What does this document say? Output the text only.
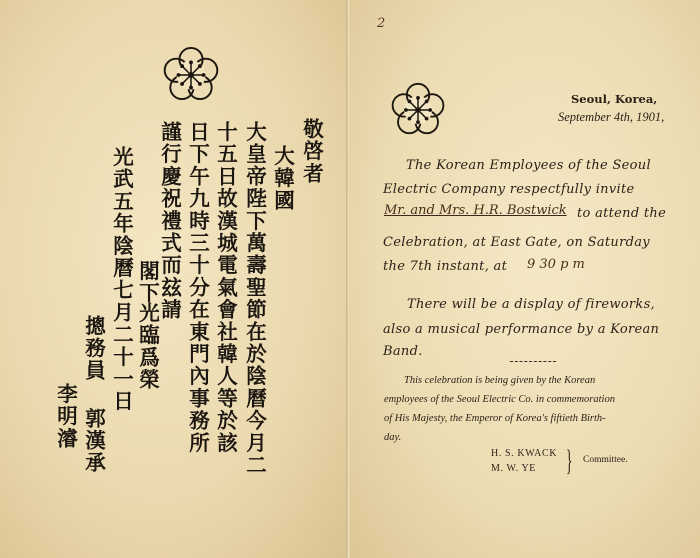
敬啓者
大韓國
大皇帝陛下萬壽聖節在於陰曆今月二
十五日故漢城電氣會社韓人等於該
日下午九時三十分在東門內事務所
謹行慶祝禮式而玆請
閣下
光臨爲榮
光武五年陰曆七月二十一日
摠務員 郭漢承
李明濬
2
Seoul, Korea,
September 4th, 1901,
The Korean Employees of the Seoul
Electric Company respectfully invite
Mr. and Mrs. H.R. Bostwick to attend the
Celebration, at East Gate, on Saturday
the 7th instant, at 9 30 p m
There will be a display of fireworks,
also a musical performance by a Korean
Band.
This celebration is being given by the Korean
employees of the Seoul Electric Co. in commemoration
of His Majesty, the Emperor of Korea's fiftieth Birth-
day.
H. S. KWACK
M. W. YE } Committee.
